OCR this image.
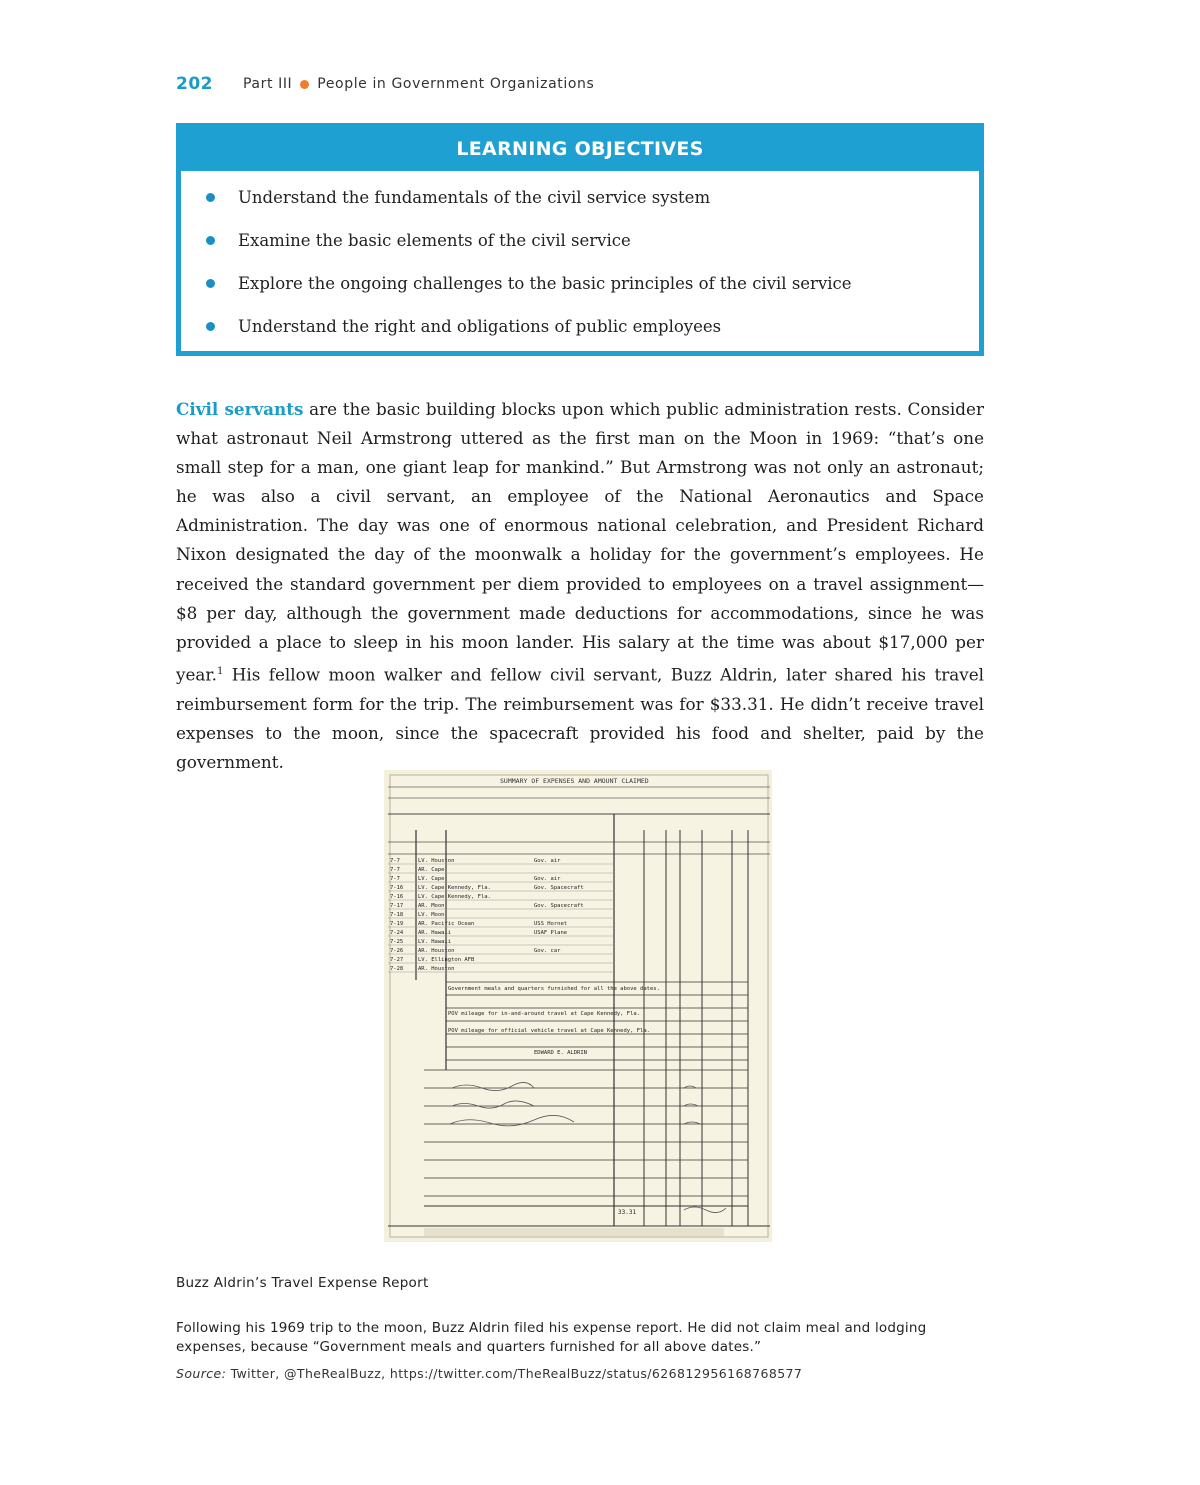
202 Part III People in Government Organizations
LEARNING OBJECTIVES
Understand the fundamentals of the civil service system
Examine the basic elements of the civil service
Explore the ongoing challenges to the basic principles of the civil service
Understand the right and obligations of public employees

Civil servants are the basic building blocks upon which public administration rests. Consider what astronaut Neil Armstrong uttered as the first man on the Moon in 1969: “that’s one small step for a man, one giant leap for mankind.” But Armstrong was not only an astronaut; he was also a civil servant, an employee of the National Aeronautics and Space Administration. The day was one of enormous national celebration, and President Richard Nixon designated the day of the moonwalk a holiday for the government’s employees. He received the standard government per diem provided to employees on a travel assignment—$8 per day, although the government made deductions for accommodations, since he was provided a place to sleep in his moon lander. His salary at the time was about $17,000 per year.$^1$ His fellow moon walker and fellow civil servant, Buzz Aldrin, later shared his travel reimbursement form for the trip. The reimbursement was for $33.31. He didn’t receive travel expenses to the moon, since the spacecraft provided his food and shelter, paid by the government.

SUMMARY OF EXPENSES AND AMOUNT CLAIMED
7-7	LV. Houston	Gov. air
7-7	AR. Cape
7-7	LV. Cape	Gov. air
7-16	LV. Cape Kennedy, Fla.	Gov. Spacecraft
7-16	LV. Cape Kennedy, Fla.
7-17	AR. Moon	Gov. Spacecraft
7-18	LV. Moon
7-19	AR. Pacific Ocean	USS Hornet
7-24	AR. Hawaii	USAF Plane
7-25	LV. Hawaii
7-26	AR. Houston	Gov. car
7-27	LV. Ellington AFB
7-28	AR. Houston
Government meals and quarters furnished for all the above dates.
POV mileage for in-and-around travel at Cape Kennedy, Fla.
POV mileage for official vehicle travel at Cape Kennedy, Fla.
EDWARD E. ALDRIN
33.31
Buzz Aldrin’s Travel Expense Report
Following his 1969 trip to the moon, Buzz Aldrin filed his expense report. He did not claim meal and lodging expenses, because “Government meals and quarters furnished for all above dates.”
Source: Twitter, @TheRealBuzz, https://twitter.com/TheRealBuzz/status/626812956168768577
